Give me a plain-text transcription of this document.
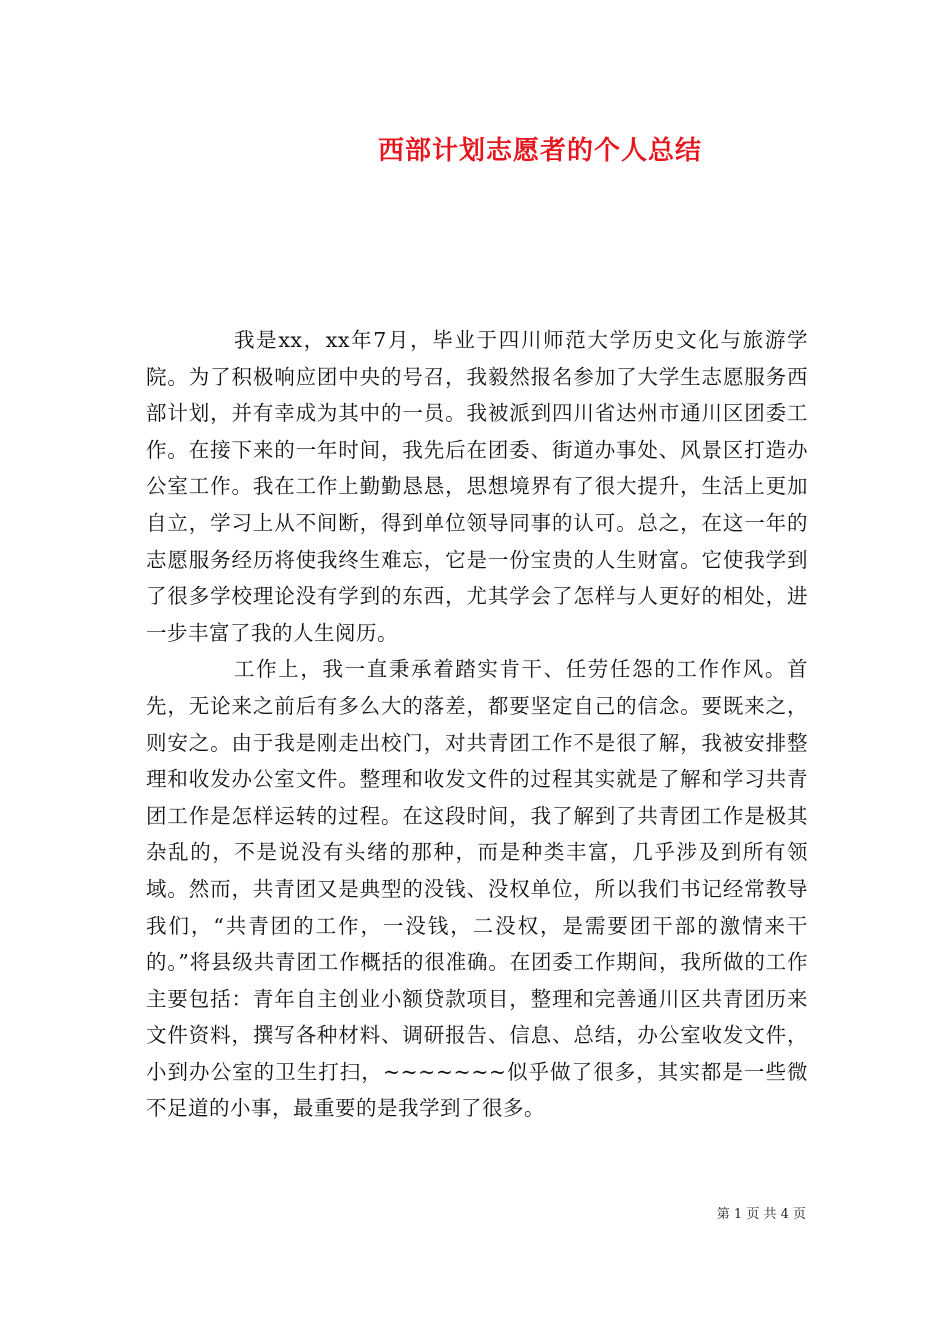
西部计划志愿者的个人总结

我是xx，xx年7月，毕业于四川师范大学历史文化与旅游学院。为了积极响应团中央的号召，我毅然报名参加了大学生志愿服务西部计划，并有幸成为其中的一员。我被派到四川省达州市通川区团委工作。在接下来的一年时间，我先后在团委、街道办事处、风景区打造办公室工作。我在工作上勤勤恳恳，思想境界有了很大提升，生活上更加自立，学习上从不间断，得到单位领导同事的认可。总之，在这一年的志愿服务经历将使我终生难忘，它是一份宝贵的人生财富。它使我学到了很多学校理论没有学到的东西，尤其学会了怎样与人更好的相处，进一步丰富了我的人生阅历。

工作上，我一直秉承着踏实肯干、任劳任怨的工作作风。首先，无论来之前后有多么大的落差，都要坚定自己的信念。要既来之，则安之。由于我是刚走出校门，对共青团工作不是很了解，我被安排整理和收发办公室文件。整理和收发文件的过程其实就是了解和学习共青团工作是怎样运转的过程。在这段时间，我了解到了共青团工作是极其杂乱的，不是说没有头绪的那种，而是种类丰富，几乎涉及到所有领域。然而，共青团又是典型的没钱、没权单位，所以我们书记经常教导我们，“共青团的工作，一没钱，二没权，是需要团干部的激情来干的。”将县级共青团工作概括的很准确。在团委工作期间，我所做的工作主要包括：青年自主创业小额贷款项目，整理和完善通川区共青团历来文件资料，撰写各种材料、调研报告、信息、总结，办公室收发文件，小到办公室的卫生打扫，~~~~~~~似乎做了很多，其实都是一些微不足道的小事，最重要的是我学到了很多。

第 1 页 共 4 页
